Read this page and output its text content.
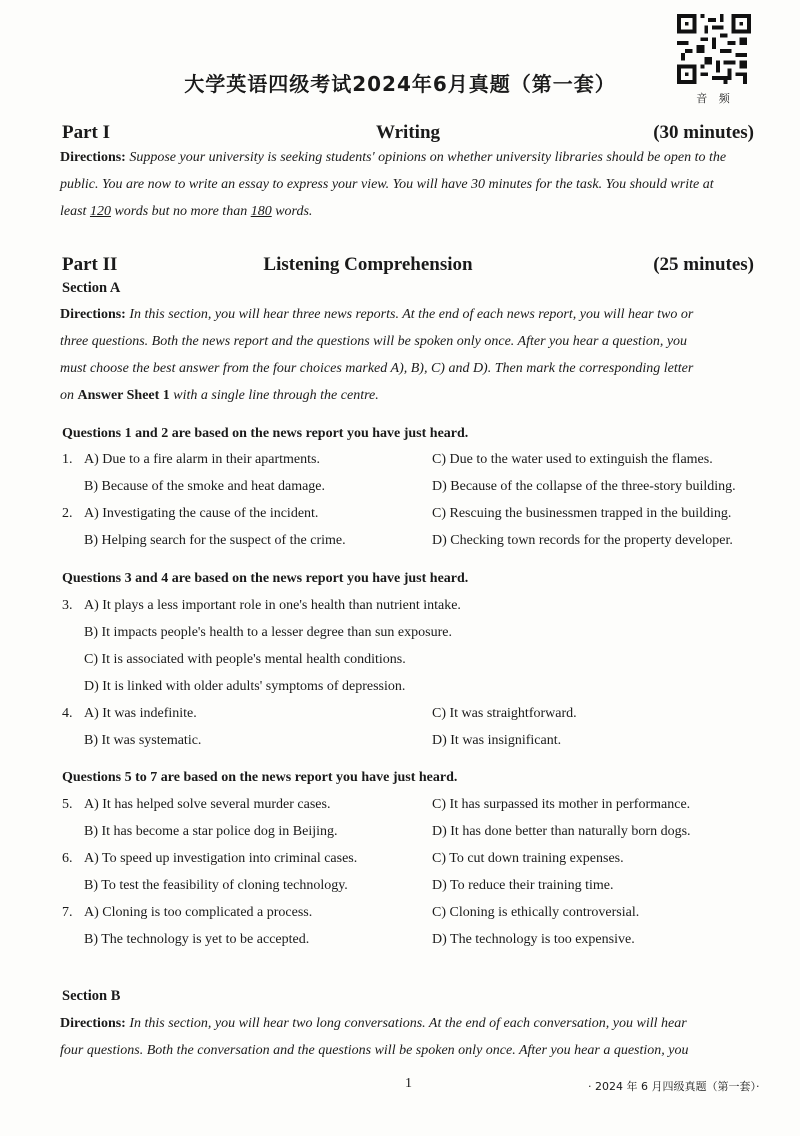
大学英语四级考试2024年6月真题（第一套）
音 频
Part I	Writing	(30 minutes)
Directions: Suppose your university is seeking students' opinions on whether university libraries should be open to the
public. You are now to write an essay to express your view. You will have 30 minutes for the task. You should write at
least 120 words but no more than 180 words.
Part II	Listening Comprehension	(25 minutes)
Section A
Directions: In this section, you will hear three news reports. At the end of each news report, you will hear two or
three questions. Both the news report and the questions will be spoken only once. After you hear a question, you
must choose the best answer from the four choices marked A), B), C) and D). Then mark the corresponding letter
on Answer Sheet 1 with a single line through the centre.
Questions 1 and 2 are based on the news report you have just heard.
1. A) Due to a fire alarm in their apartments.	C) Due to the water used to extinguish the flames.
B) Because of the smoke and heat damage.	D) Because of the collapse of the three-story building.
2. A) Investigating the cause of the incident.	C) Rescuing the businessmen trapped in the building.
B) Helping search for the suspect of the crime.	D) Checking town records for the property developer.
Questions 3 and 4 are based on the news report you have just heard.
3. A) It plays a less important role in one's health than nutrient intake.
B) It impacts people's health to a lesser degree than sun exposure.
C) It is associated with people's mental health conditions.
D) It is linked with older adults' symptoms of depression.
4. A) It was indefinite.	C) It was straightforward.
B) It was systematic.	D) It was insignificant.
Questions 5 to 7 are based on the news report you have just heard.
5. A) It has helped solve several murder cases.	C) It has surpassed its mother in performance.
B) It has become a star police dog in Beijing.	D) It has done better than naturally born dogs.
6. A) To speed up investigation into criminal cases.	C) To cut down training expenses.
B) To test the feasibility of cloning technology.	D) To reduce their training time.
7. A) Cloning is too complicated a process.	C) Cloning is ethically controversial.
B) The technology is yet to be accepted.	D) The technology is too expensive.
Section B
Directions: In this section, you will hear two long conversations. At the end of each conversation, you will hear
four questions. Both the conversation and the questions will be spoken only once. After you hear a question, you
1	· 2024 年 6 月四级真题（第一套）·
